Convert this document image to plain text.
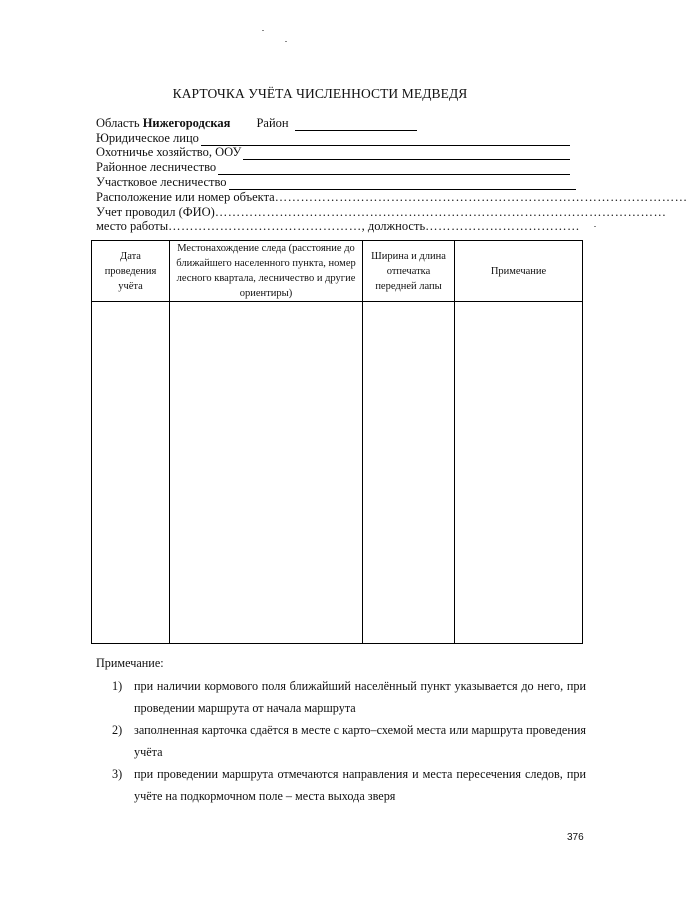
КАРТОЧКА УЧЁТА ЧИСЛЕННОСТИ МЕДВЕДЯ
Область
Нижегородская Район
Юридическое лицо
Охотничье хозяйство, ООУ
Районное лесничество
Участковое лесничество
Расположение или номер объекта ……………………………………………………………………………………
Учет проводил (ФИО) ……………………………………………………………………………………………
место работы ……………………………………… , должность ………………………………
Дата проведения учёта	Местонахождение следа (расстояние до ближайшего населенного пункта, номер лесного квартала, лесничество и другие ориентиры)	Ширина и длина отпечатка передней лапы	Примечание

Примечание:
1) при наличии кормового поля ближайший населённый пункт указывается до него, при проведении маршрута от начала маршрута
2) заполненная карточка сдаётся в месте с карто–схемой места или маршрута проведения учёта
3) при проведении маршрута отмечаются направления и места пересечения следов, при учёте на подкормочном поле – места выхода зверя
376
